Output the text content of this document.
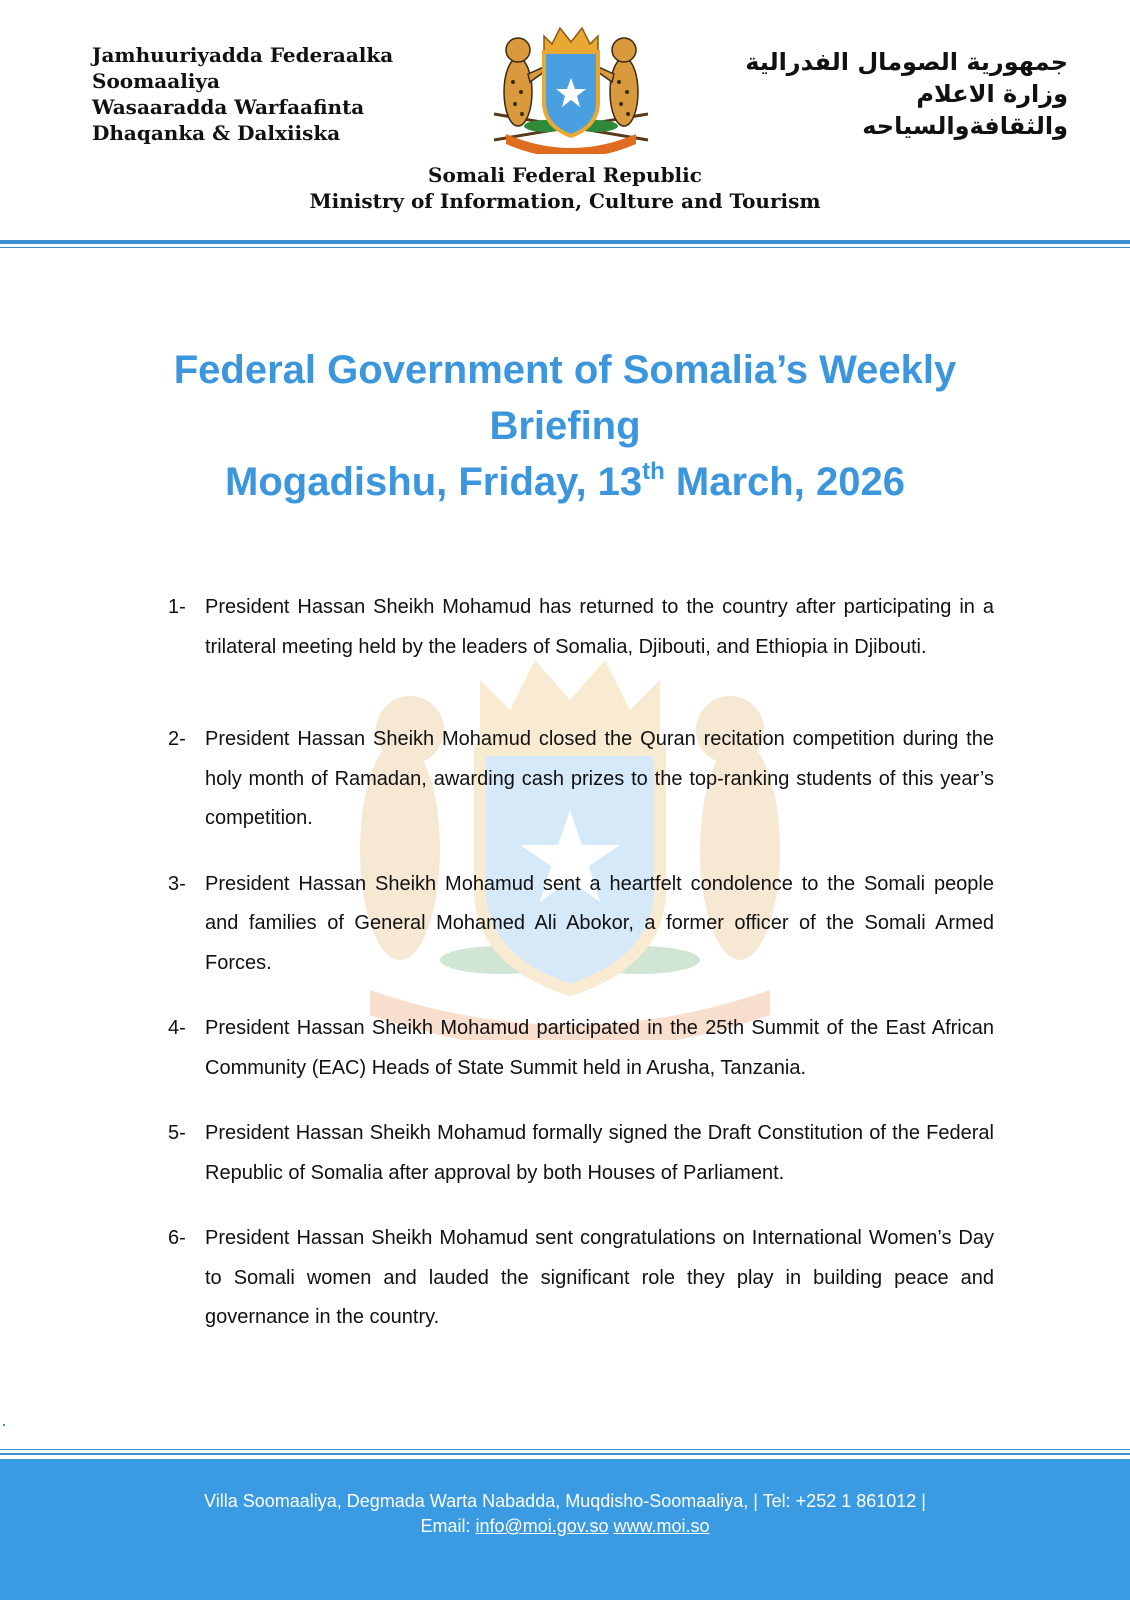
Jamhuuriyadda Federaalka
Soomaaliya
Wasaaradda Warfaafinta
Dhaqanka & Dalxiiska
جمهورية الصومال الفدرالية
وزارة الاعلام
والثقافةوالسياحه
Somali Federal Republic
Ministry of Information, Culture and Tourism
Federal Government of Somalia’s Weekly
Briefing
Mogadishu, Friday, 13th March, 2026
1- President Hassan Sheikh Mohamud has returned to the country after participating in a trilateral meeting held by the leaders of Somalia, Djibouti, and Ethiopia in Djibouti.
2- President Hassan Sheikh Mohamud closed the Quran recitation competition during the holy month of Ramadan, awarding cash prizes to the top-ranking students of this year’s competition.
3- President Hassan Sheikh Mohamud sent a heartfelt condolence to the Somali people and families of General Mohamed Ali Abokor, a former officer of the Somali Armed Forces.
4- President Hassan Sheikh Mohamud participated in the 25th Summit of the East African Community (EAC) Heads of State Summit held in Arusha, Tanzania.
5- President Hassan Sheikh Mohamud formally signed the Draft Constitution of the Federal Republic of Somalia after approval by both Houses of Parliament.
6- President Hassan Sheikh Mohamud sent congratulations on International Women’s Day to Somali women and lauded the significant role they play in building peace and governance in the country.
Villa Soomaaliya, Degmada Warta Nabadda, Muqdisho-Soomaaliya, | Tel: +252 1 861012 |
Email: info@moi.gov.so www.moi.so
